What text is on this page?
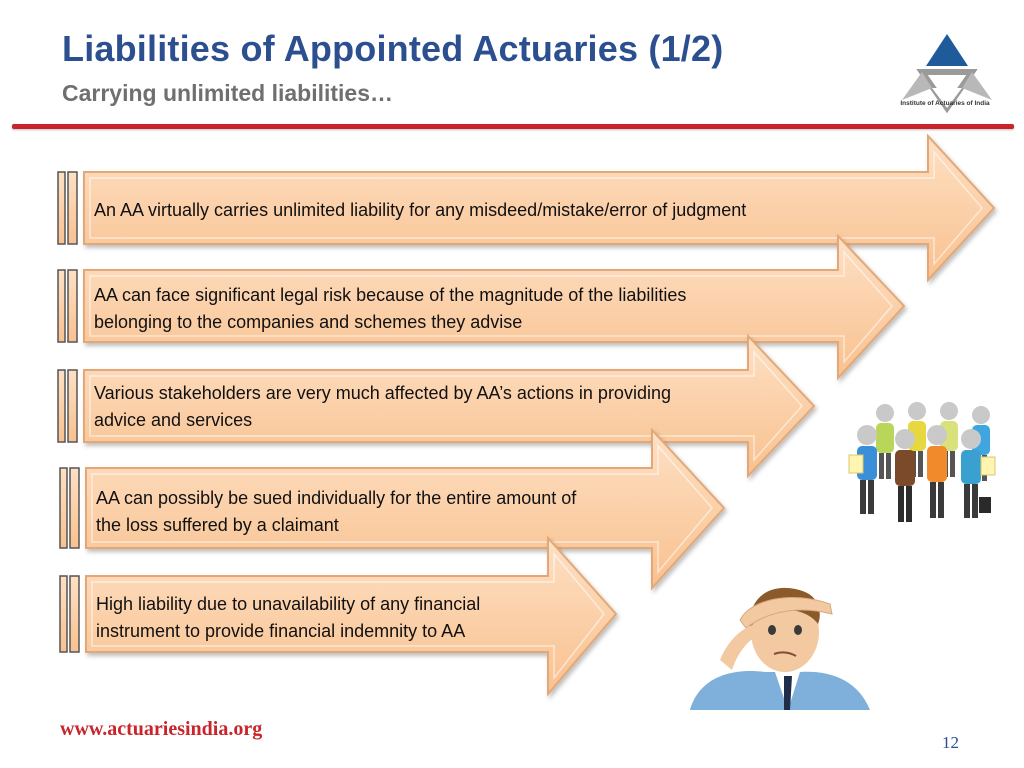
Liabilities of Appointed Actuaries (1/2)
Carrying unlimited liabilities…	Institute of Actuaries of India
An AA virtually carries unlimited liability for any misdeed/mistake/error of judgment
AA can face significant legal risk because of the magnitude of the liabilities
belonging to the companies and schemes they advise
Various stakeholders are very much affected by AA’s actions in providing
advice and services
AA can possibly be sued individually for the entire amount of
the loss suffered by a claimant
High liability due to unavailability of any financial
instrument to provide financial indemnity to AA
www.actuariesindia.org
12
